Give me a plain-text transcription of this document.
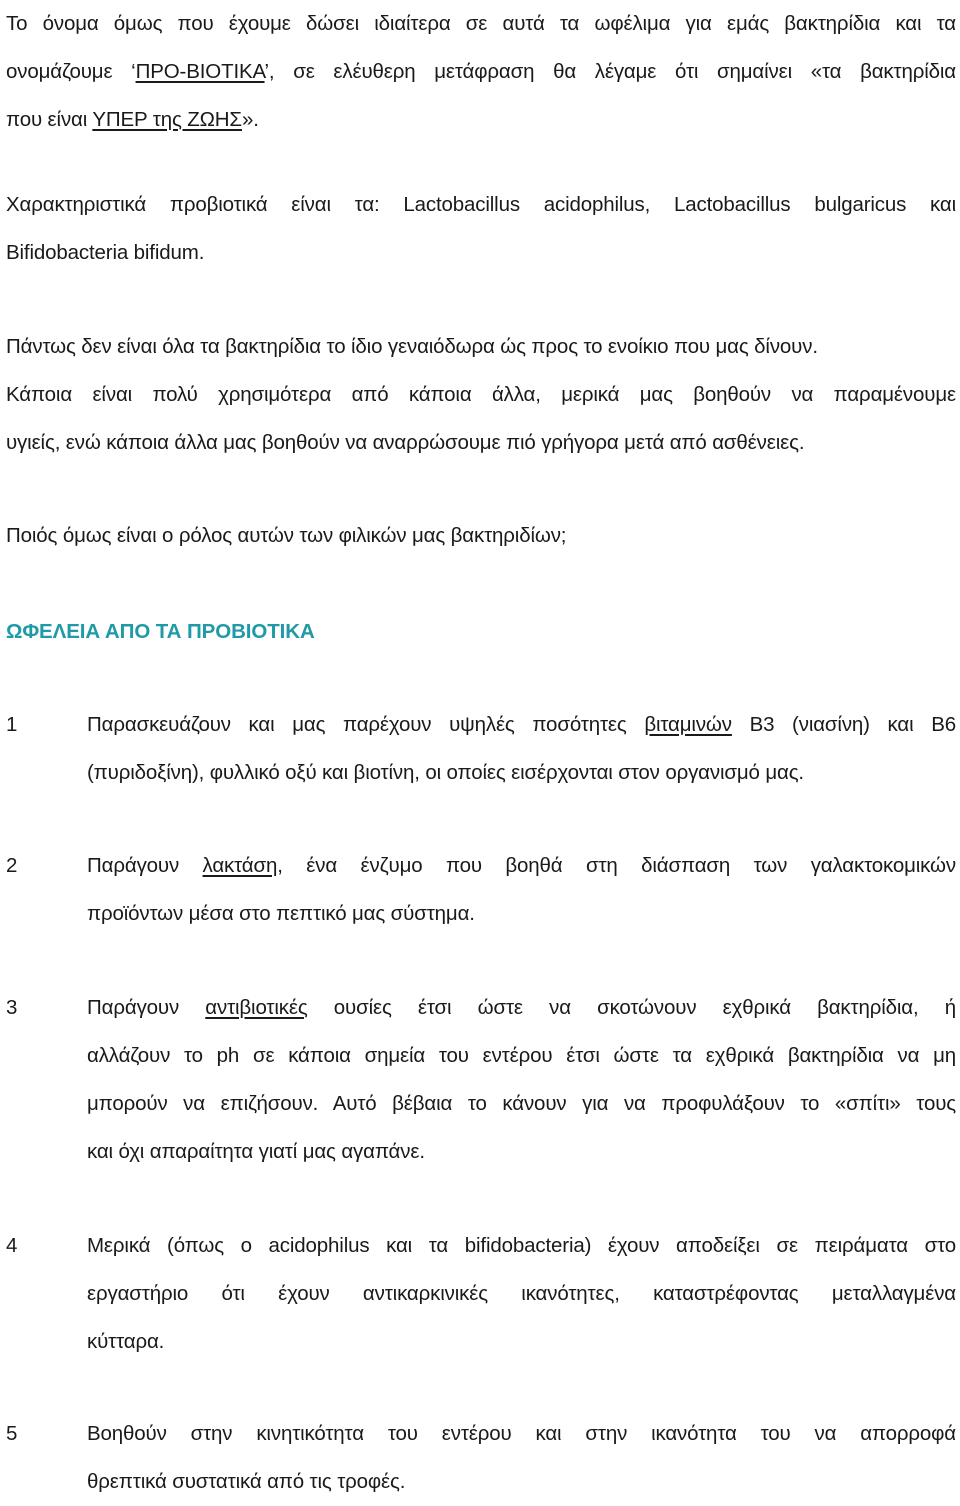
Το όνομα όμως που έχουμε δώσει ιδιαίτερα σε αυτά τα ωφέλιμα για εμάς βακτηρίδια και τα
ονομάζουμε ‘ΠΡΟ-ΒΙΟΤΙΚΑ’, σε ελέυθερη μετάφραση θα λέγαμε ότι σημαίνει «τα βακτηρίδια
που είναι ΥΠΕΡ της ΖΩΗΣ».
Χαρακτηριστικά προβιοτικά είναι τα: Lactobacillus acidophilus, Lactobacillus bulgaricus και
Bifidobacteria bifidum.
Πάντως δεν είναι όλα τα βακτηρίδια το ίδιο γεναιόδωρα ώς προς το ενοίκιο που μας δίνουν.
Κάποια είναι πολύ χρησιμότερα από κάποια άλλα, μερικά μας βοηθούν να παραμένουμε
υγιείς, ενώ κάποια άλλα μας βοηθούν να αναρρώσουμε πιό γρήγορα μετά από ασθένειες.
Ποιός όμως είναι ο ρόλος αυτών των φιλικών μας βακτηριδίων;
ΩΦΕΛΕΙΑ ΑΠΟ ΤΑ ΠΡΟΒΙΟΤΙΚΑ
1	Παρασκευάζουν και μας παρέχουν υψηλές ποσότητες βιταμινών B3 (νιασίνη) και B6
(πυριδοξίνη), φυλλικό οξύ και βιοτίνη, οι οποίες εισέρχονται στον οργανισμό μας.
2	Παράγουν λακτάση, ένα ένζυμο που βοηθά στη διάσπαση των γαλακτοκομικών
προϊόντων μέσα στο πεπτικό μας σύστημα.
3	Παράγουν αντιβιοτικές ουσίες έτσι ώστε να σκοτώνουν εχθρικά βακτηρίδια, ή
αλλάζουν το ph σε κάποια σημεία του εντέρου έτσι ώστε τα εχθρικά βακτηρίδια να μη
μπορούν να επιζήσουν. Αυτό βέβαια το κάνουν για να προφυλάξουν το «σπίτι» τους
και όχι απαραίτητα γιατί μας αγαπάνε.
4	Μερικά (όπως ο acidophilus και τα bifidobacteria) έχουν αποδείξει σε πειράματα στο
εργαστήριο ότι έχουν αντικαρκινικές ικανότητες, καταστρέφοντας μεταλλαγμένα
κύτταρα.
5	Βοηθούν στην κινητικότητα του εντέρου και στην ικανότητα του να απορροφά
θρεπτικά συστατικά από τις τροφές.
